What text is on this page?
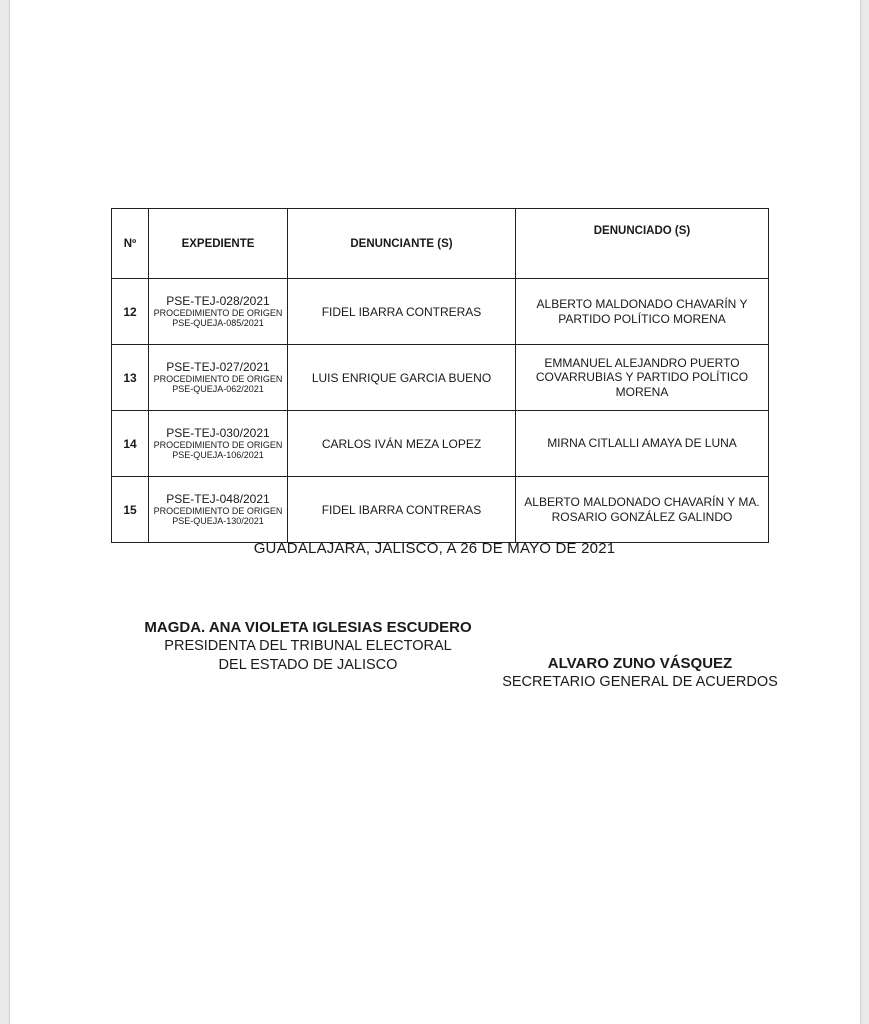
Nº	EXPEDIENTE	DENUNCIANTE (S)	DENUNCIADO (S)
12	PSE-TEJ-028/2021
PROCEDIMIENTO DE ORIGEN
PSE-QUEJA-085/2021	FIDEL IBARRA CONTRERAS	ALBERTO MALDONADO CHAVARÍN Y PARTIDO POLÍTICO MORENA

13	PSE-TEJ-027/2021
PROCEDIMIENTO DE ORIGEN
PSE-QUEJA-062/2021	LUIS ENRIQUE GARCIA BUENO	EMMANUEL ALEJANDRO PUERTO COVARRUBIAS Y PARTIDO POLÍTICO MORENA

14	PSE-TEJ-030/2021
PROCEDIMIENTO DE ORIGEN
PSE-QUEJA-106/2021	CARLOS IVÁN MEZA LOPEZ	MIRNA CITLALLI AMAYA DE LUNA

15	PSE-TEJ-048/2021
PROCEDIMIENTO DE ORIGEN
PSE-QUEJA-130/2021	FIDEL IBARRA CONTRERAS	ALBERTO MALDONADO CHAVARÍN Y MA. ROSARIO GONZÁLEZ GALINDO
GUADALAJARA, JALISCO, A 26 DE MAYO DE 2021
MAGDA. ANA VIOLETA IGLESIAS ESCUDERO
PRESIDENTA DEL TRIBUNAL ELECTORAL
DEL ESTADO DE JALISCO	ALVARO ZUNO VÁSQUEZ
SECRETARIO GENERAL DE ACUERDOS
